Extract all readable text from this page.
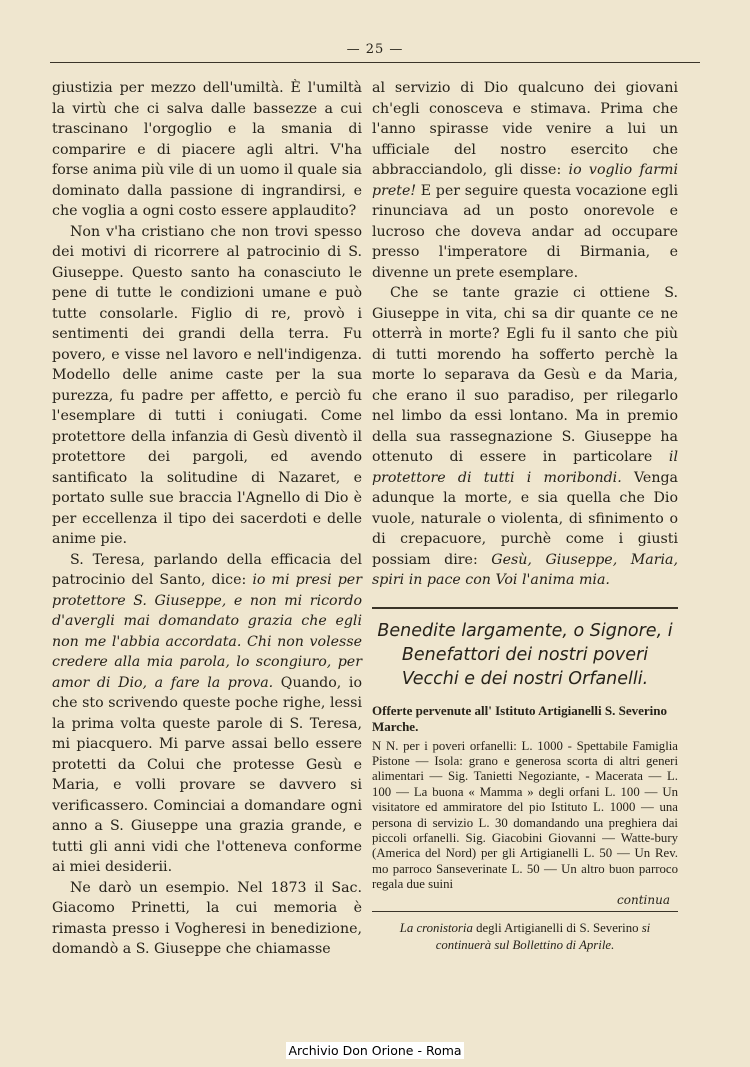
— 25 —

giustizia per mezzo dell'umiltà. È l'umiltà la virtù che ci salva dalle bassezze a cui trascinano l'orgoglio e la smania di comparire e di piacere agli altri. V'ha forse anima più vile di un uomo il quale sia dominato dalla passione di ingrandirsi, e che voglia a ogni costo essere applaudito?

Non v'ha cristiano che non trovi spesso dei motivi di ricorrere al patrocinio di S. Giuseppe. Questo santo ha conasciuto le pene di tutte le condizioni umane e può tutte consolarle. Figlio di re, provò i sentimenti dei grandi della terra. Fu povero, e visse nel lavoro e nell'indigenza. Modello delle anime caste per la sua purezza, fu padre per affetto, e perciò fu l'esemplare di tutti i coniugati. Come protettore della infanzia di Gesù diventò il protettore dei pargoli, ed avendo santificato la solitudine di Nazaret, e portato sulle sue braccia l'Agnello di Dio è per eccellenza il tipo dei sacerdoti e delle anime pie.

S. Teresa, parlando della efficacia del patrocinio del Santo, dice: io mi presi per protettore S. Giuseppe, e non mi ricordo d'avergli mai domandato grazia che egli non me l'abbia accordata. Chi non volesse credere alla mia parola, lo scongiuro, per amor di Dio, a fare la prova. Quando, io che sto scrivendo queste poche righe, lessi la prima volta queste parole di S. Teresa, mi piacquero. Mi parve assai bello essere protetti da Colui che protesse Gesù e Maria, e volli provare se davvero si verificassero. Cominciai a domandare ogni anno a S. Giuseppe una grazia grande, e tutti gli anni vidi che l'otteneva conforme ai miei desiderii.

Ne darò un esempio. Nel 1873 il Sac. Giacomo Prinetti, la cui memoria è rimasta presso i Vogheresi in benedizione, domandò a S. Giuseppe che chiamasse

al servizio di Dio qualcuno dei giovani ch'egli conosceva e stimava. Prima che l'anno spirasse vide venire a lui un ufficiale del nostro esercito che abbracciandolo, gli disse: io voglio farmi prete! E per seguire questa vocazione egli rinunciava ad un posto onorevole e lucroso che doveva andar ad occupare presso l'imperatore di Birmania, e divenne un prete esemplare.

Che se tante grazie ci ottiene S. Giuseppe in vita, chi sa dir quante ce ne otterrà in morte? Egli fu il santo che più di tutti morendo ha sofferto perchè la morte lo separava da Gesù e da Maria, che erano il suo paradiso, per rilegarlo nel limbo da essi lontano. Ma in premio della sua rassegnazione S. Giuseppe ha ottenuto di essere in particolare il protettore di tutti i moribondi. Venga adunque la morte, e sia quella che Dio vuole, naturale o violenta, di sfinimento o di crepacuore, purchè come i giusti possiam dire: Gesù, Giuseppe, Maria, spiri in pace con Voi l'anima mia.

Benedite largamente, o Signore, i Benefattori dei nostri poveri Vecchi e dei nostri Orfanelli.
Offerte pervenute all' Istituto Artigianelli S. Severino Marche.
N N. per i poveri orfanelli: L. 1000 - Spettabile Famiglia Pistone — Isola: grano e generosa scorta di altri generi alimentari — Sig. Tanietti Negoziante, - Macerata — L. 100 — La buona « Mamma » degli orfani L. 100 — Un visitatore ed ammiratore del pio Istituto L. 1000 — una persona di servizio L. 30 domandando una preghiera dai piccoli orfanelli. Sig. Giacobini Giovanni — Watte-bury (America del Nord) per gli Artigianelli L. 50 — Un Rev. mo parroco Sanseverinate L. 50 — Un altro buon parroco regala due suini
continua
La cronistoria degli Artigianelli di S. Severino si continuerà sul Bollettino di Aprile.
Archivio Don Orione - Roma
